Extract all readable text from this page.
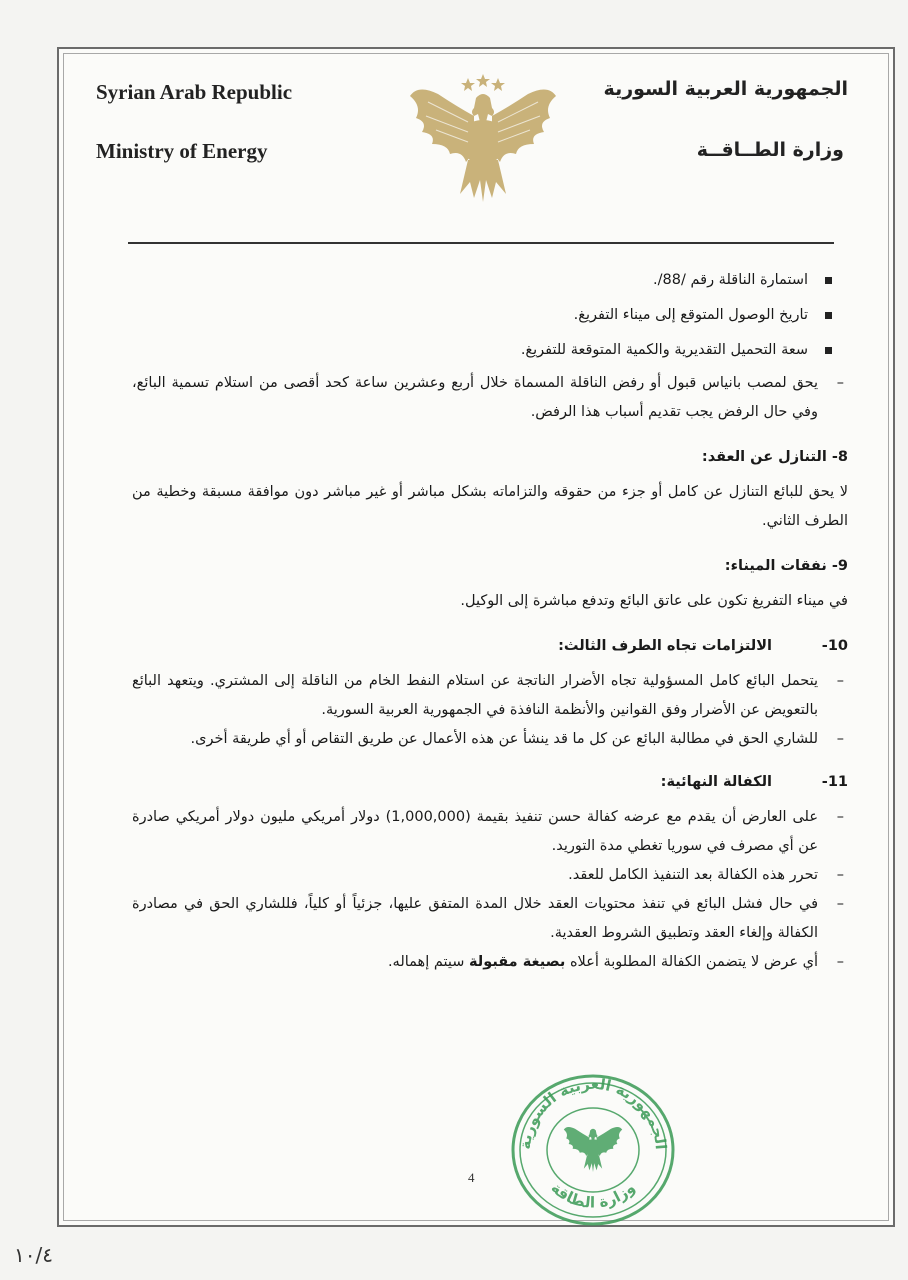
Syrian Arab Republic
Ministry of Energy
الجمهورية العربية السورية
وزارة الطــاقــة
استمارة الناقلة رقم /88/.
تاريخ الوصول المتوقع إلى ميناء التفريغ.
سعة التحميل التقديرية والكمية المتوقعة للتفريغ.
–
يحق لمصب بانياس قبول أو رفض الناقلة المسماة خلال أربع وعشرين ساعة كحد أقصى من استلام تسمية البائع، وفي حال الرفض يجب تقديم أسباب هذا الرفض.
8- التنازل عن العقد:
لا يحق للبائع التنازل عن كامل أو جزء من حقوقه والتزاماته بشكل مباشر أو غير مباشر دون موافقة مسبقة وخطية من الطرف الثاني.
9- نفقات الميناء:
في ميناء التفريغ تكون على عاتق البائع وتدفع مباشرة إلى الوكيل.
10-الالتزامات تجاه الطرف الثالث:
–
يتحمل البائع كامل المسؤولية تجاه الأضرار الناتجة عن استلام النفط الخام من الناقلة إلى المشتري. ويتعهد البائع بالتعويض عن الأضرار وفق القوانين والأنظمة النافذة في الجمهورية العربية السورية.
–
للشاري الحق في مطالبة البائع عن كل ما قد ينشأ عن هذه الأعمال عن طريق التقاص أو أي طريقة أخرى.
11-الكفالة النهائية:
–
على العارض أن يقدم مع عرضه كفالة حسن تنفيذ بقيمة (1,000,000) دولار أمريكي مليون دولار أمريكي صادرة عن أي مصرف في سوريا تغطي مدة التوريد.
–
تحرر هذه الكفالة بعد التنفيذ الكامل للعقد.
–
في حال فشل البائع في تنفذ محتويات العقد خلال المدة المتفق عليها، جزئياً أو كلياً، فللشاري الحق في مصادرة الكفالة وإلغاء العقد وتطبيق الشروط العقدية.
–
أي عرض لا يتضمن الكفالة المطلوبة أعلاه بصيغة مقبولة سيتم إهماله.
الجمهورية العربية السورية
وزارة الطاقة
4
١٠/٤
